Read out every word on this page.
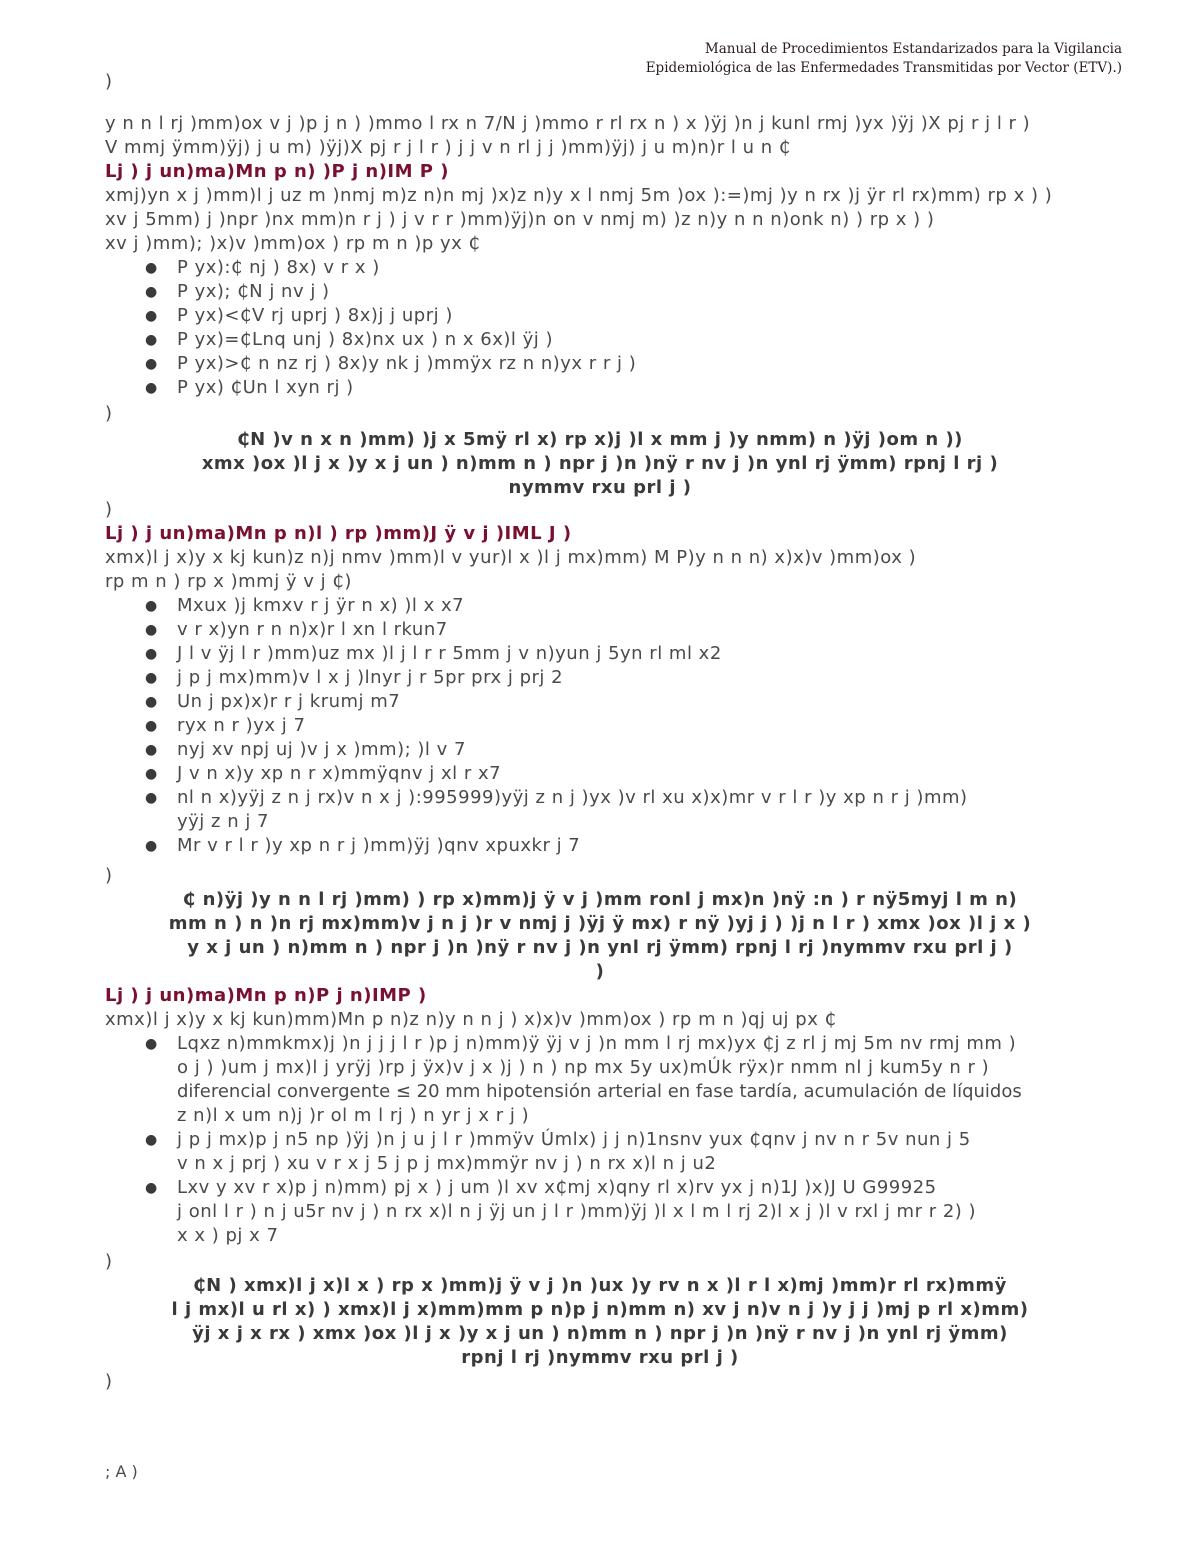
Manual de Procedimientos Estandarizados para la Vigilancia
Epidemiológica de las Enfermedades Transmitidas por Vector (ETV).)
)
y n n l rj )mm)ox v j )p j n ) )mmo l rx n 7/N j )mmo r rl rx n ) x )ÿj )n j kunl rmj )yx )ÿj )X pj r j l r )
V mmj ÿmm)ÿj) j u m) )ÿj)X pj r j l r ) j j v n rl j j )mm)ÿj) j u m)n)r l u n ₵
Lj ) j un)ma)Mn p n) )P j n)IM P )
xmj)yn x j )mm)l j uz m )nmj m)z n)n mj )x)z n)y x l nmj 5m )ox ):=)mj )y n rx )j ÿr rl rx)mm) rp x ) )
xv j 5mm) j )npr )nx mm)n r j ) j v r r )mm)ÿj)n on v nmj m) )z n)y n n n)onk n) ) rp x ) )
xv j )mm); )x)v )mm)ox ) rp m n )p yx ₵
● P yx):₵ nj ) 8x) v r x )
● P yx); ₵N j nv j )
● P yx)<₵V rj uprj ) 8x)j j uprj )
● P yx)=₵Lnq unj ) 8x)nx ux ) n x 6x)l ÿj )
● P yx)>₵ n nz rj ) 8x)y nk j )mmÿx rz n n)yx r r j )
● P yx) ₵Un l xyn rj )
)
₵N )v n x n )mm) )j x 5mÿ rl x) rp x)j )l x mm j )y nmm) n )ÿj )om n ))
xmx )ox )l j x )y x j un ) n)mm n ) npr j )n )nÿ r nv j )n ynl rj ÿmm) rpnj l rj )
nymmv rxu prl j )
)
Lj ) j un)ma)Mn p n)l ) rp )mm)J ÿ v j )IML J )
xmx)l j x)y x kj kun)z n)j nmv )mm)l v yur)l x )l j mx)mm) M P)y n n n) x)x)v )mm)ox )
rp m n ) rp x )mmj ÿ v j ₵)
● Mxux )j kmxv r j ÿr n x) )l x x7
● v r x)yn r n n)x)r l xn l rkun7
● J l v ÿj l r )mm)uz mx )l j l r r 5mm j v n)yun j 5yn rl ml x2
● j p j mx)mm)v l x j )lnyr j r 5pr prx j prj 2
● Un j px)x)r r j krumj m7
● ryx n r )yx j 7
● nyj xv npj uj )v j x )mm); )l v 7
● J v n x)y xp n r x)mmÿqnv j xl r x7
● nl n x)yÿj z n j rx)v n x j ):995999)yÿj z n j )yx )v rl xu x)x)mr v r l r )y xp n r j )mm)
yÿj z n j 7
● Mr v r l r )y xp n r j )mm)ÿj )qnv xpuxkr j 7
)
₵ n)ÿj )y n n l rj )mm) ) rp x)mm)j ÿ v j )mm ronl j mx)n )nÿ :n ) r nÿ5myj l m n)
mm n ) n )n rj mx)mm)v j n j )r v nmj j )ÿj ÿ mx) r nÿ )yj j ) )j n l r ) xmx )ox )l j x )
y x j un ) n)mm n ) npr j )n )nÿ r nv j )n ynl rj ÿmm) rpnj l rj )nymmv rxu prl j )
)
Lj ) j un)ma)Mn p n)P j n)IMP )
xmx)l j x)y x kj kun)mm)Mn p n)z n)y n n j ) x)x)v )mm)ox ) rp m n )qj uj px ₵
● Lqxz n)mmkmx)j )n j j j l r )p j n)mm)ÿ ÿj v j )n mm l rj mx)yx ₵j z rl j mj 5m nv rmj mm )
o j ) )um j mx)l j yrÿj )rp j ÿx)v j x )j ) n ) np mx 5y ux)mÚk rÿx)r nmm nl j kum5y n r )
diferencial convergente ≤ 20 mm hipotensión arterial en fase tardía, acumulación de líquidos
z n)l x um n)j )r ol m l rj ) n yr j x r j )
● j p j mx)p j n5 np )ÿj )n j u j l r )mmÿv Úmlx) j j n)1nsnv yux ₵qnv j nv n r 5v nun j 5
v n x j prj ) xu v r x j 5 j p j mx)mmÿr nv j ) n rx x)l n j u2
● Lxv y xv r x)p j n)mm) pj x ) j um )l xv x₵mj x)qny rl x)rv yx j n)1J )x)J U G99925
j onl l r ) n j u5r nv j ) n rx x)l n j ÿj un j l r )mm)ÿj )l x l m l rj 2)l x j )l v rxl j mr r 2) )
x x ) pj x 7
)
₵N ) xmx)l j x)l x ) rp x )mm)j ÿ v j )n )ux )y rv n x )l r l x)mj )mm)r rl rx)mmÿ
l j mx)l u rl x) ) xmx)l j x)mm)mm p n)p j n)mm n) xv j n)v n j )y j j )mj p rl x)mm)
ÿj x j x rx ) xmx )ox )l j x )y x j un ) n)mm n ) npr j )n )nÿ r nv j )n ynl rj ÿmm)
rpnj l rj )nymmv rxu prl j )
)
; A )
